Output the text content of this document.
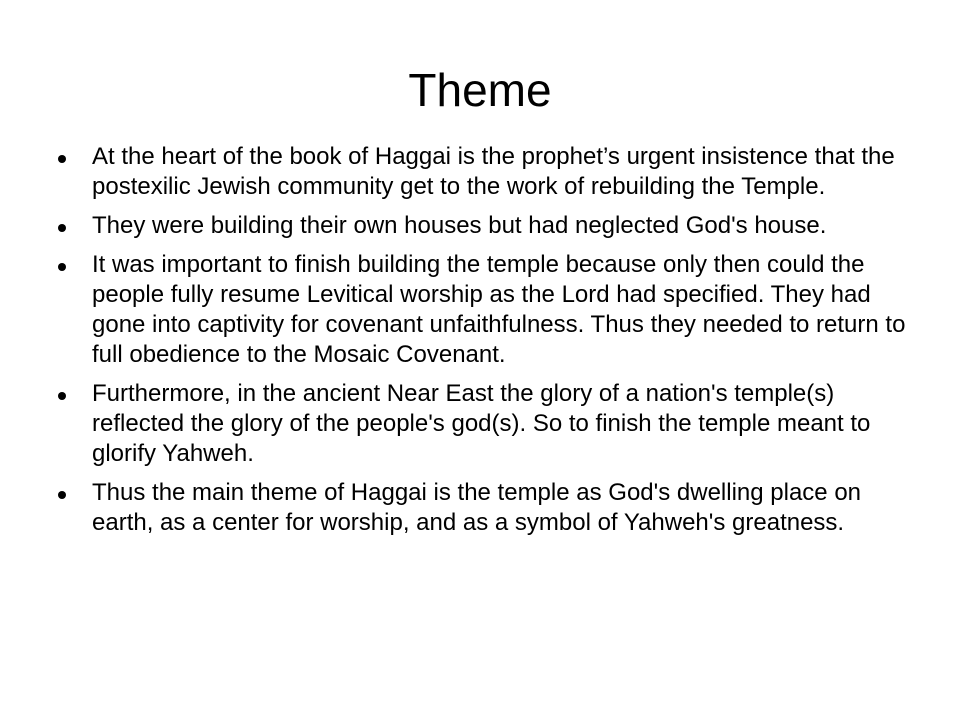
Theme
At the heart of the book of Haggai is the prophet’s urgent insistence that the postexilic Jewish community get to the work of rebuilding the Temple.
They were building their own houses but had neglected God's house.
It was important to finish building the temple because only then could the people fully resume Levitical worship as the Lord had specified. They had gone into captivity for covenant unfaithfulness. Thus they needed to return to full obedience to the Mosaic Covenant.
Furthermore, in the ancient Near East the glory of a nation's temple(s) reflected the glory of the people's god(s). So to finish the temple meant to glorify Yahweh.
Thus the main theme of Haggai is the temple as God's dwelling place on earth, as a center for worship, and as a symbol of Yahweh's greatness.
